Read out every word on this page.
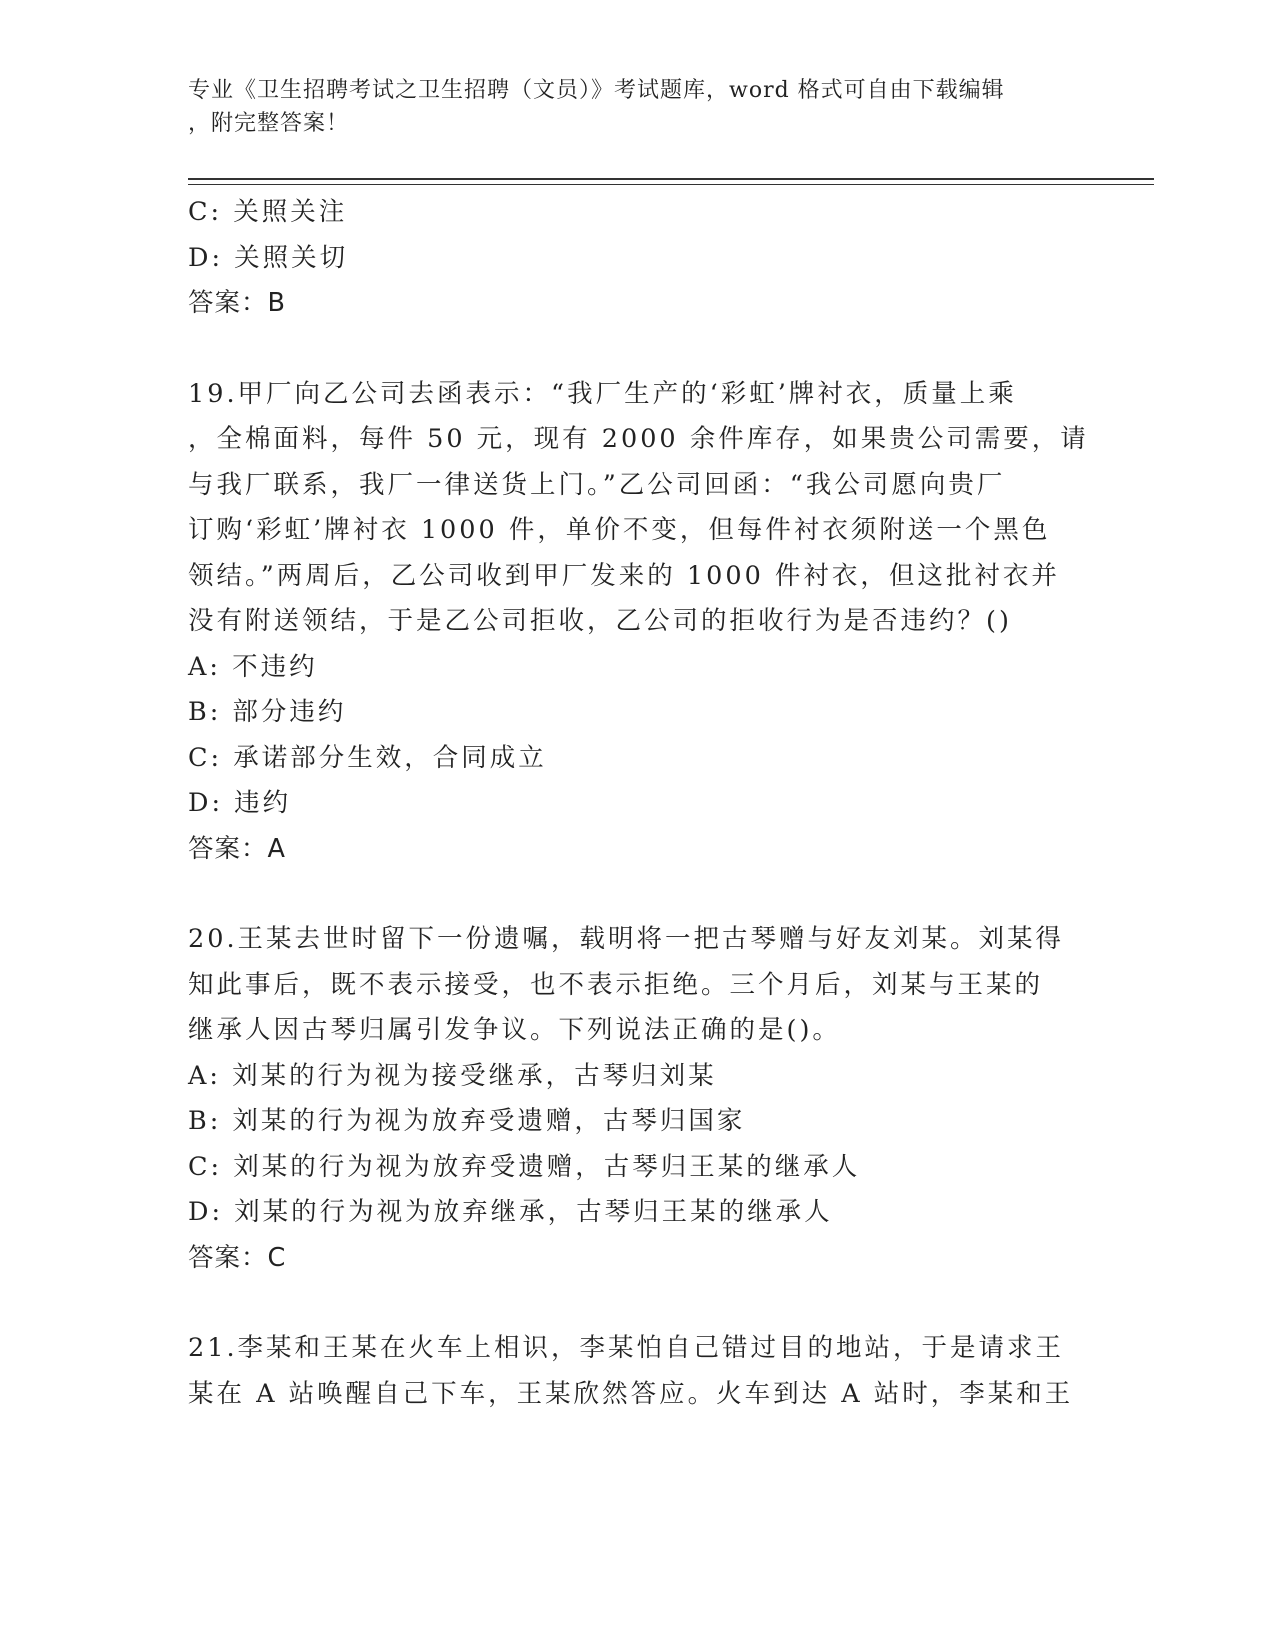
专业《卫生招聘考试之卫生招聘（文员）》考试题库，word 格式可自由下载编辑
，附完整答案！
C: 关照关注
D: 关照关切
答案：B
19.甲厂向乙公司去函表示：“我厂生产的‘彩虹’牌衬衣，质量上乘
，全棉面料，每件 50 元，现有 2000 余件库存，如果贵公司需要，请
与我厂联系，我厂一律送货上门。”乙公司回函：“我公司愿向贵厂
订购‘彩虹’牌衬衣 1000 件，单价不变，但每件衬衣须附送一个黑色
领结。”两周后，乙公司收到甲厂发来的 1000 件衬衣，但这批衬衣并
没有附送领结，于是乙公司拒收，乙公司的拒收行为是否违约？()
A: 不违约
B: 部分违约
C: 承诺部分生效，合同成立
D: 违约
答案：A
20.王某去世时留下一份遗嘱，载明将一把古琴赠与好友刘某。刘某得
知此事后，既不表示接受，也不表示拒绝。三个月后，刘某与王某的
继承人因古琴归属引发争议。下列说法正确的是()。
A: 刘某的行为视为接受继承，古琴归刘某
B: 刘某的行为视为放弃受遗赠，古琴归国家
C: 刘某的行为视为放弃受遗赠，古琴归王某的继承人
D: 刘某的行为视为放弃继承，古琴归王某的继承人
答案：C
21.李某和王某在火车上相识，李某怕自己错过目的地站，于是请求王
某在 A 站唤醒自己下车，王某欣然答应。火车到达 A 站时，李某和王
